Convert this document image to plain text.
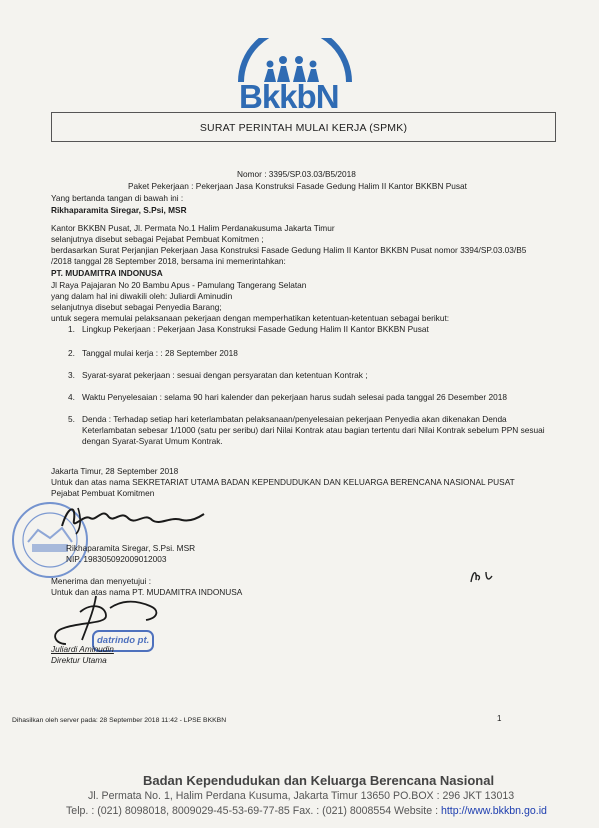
BkkbN
SURAT PERINTAH MULAI KERJA (SPMK)
Nomor : 3395/SP.03.03/B5/2018
Paket Pekerjaan : Pekerjaan Jasa Konstruksi Fasade Gedung Halim II Kantor BKKBN Pusat
Yang bertanda tangan di bawah ini :
Rikhaparamita Siregar, S.Psi, MSR
Kantor BKKBN Pusat, Jl. Permata No.1 Halim Perdanakusuma Jakarta Timur
selanjutnya disebut sebagai Pejabat Pembuat Komitmen ;
berdasarkan Surat Perjanjian Pekerjaan Jasa Konstruksi Fasade Gedung Halim II Kantor BKKBN Pusat nomor 3394/SP.03.03/B5
/2018 tanggal 28 September 2018, bersama ini memerintahkan:
PT. MUDAMITRA INDONUSA
Jl Raya Pajajaran No 20 Bambu Apus - Pamulang Tangerang Selatan
yang dalam hal ini diwakili oleh: Juliardi Aminudin
selanjutnya disebut sebagai Penyedia Barang;
untuk segera memulai pelaksanaan pekerjaan dengan memperhatikan ketentuan-ketentuan sebagai berikut:
1. Lingkup Pekerjaan : Pekerjaan Jasa Konstruksi Fasade Gedung Halim II Kantor BKKBN Pusat
2. Tanggal mulai kerja : : 28 September 2018
3. Syarat-syarat pekerjaan : sesuai dengan persyaratan dan ketentuan Kontrak ;
4. Waktu Penyelesaian : selama 90 hari kalender dan pekerjaan harus sudah selesai pada tanggal 26 Desember 2018
5. Denda : Terhadap setiap hari keterlambatan pelaksanaan/penyelesaian pekerjaan Penyedia akan dikenakan Denda
Keterlambatan sebesar 1/1000 (satu per seribu) dari Nilai Kontrak atau bagian tertentu dari Nilai Kontrak sebelum PPN sesuai
dengan Syarat-Syarat Umum Kontrak.
Jakarta Timur, 28 September 2018
Untuk dan atas nama SEKRETARIAT UTAMA BADAN KEPENDUDUKAN DAN KELUARGA BERENCANA NASIONAL PUSAT
Pejabat Pembuat Komitmen
Rikhaparamita Siregar, S.Psi. MSR
NIP. 198305092009012003
Menerima dan menyetujui :
Untuk dan atas nama PT. MUDAMITRA INDONUSA
datrindo pt.
Juliardi Aminudin
Direktur Utama
Dihasilkan oleh server pada: 28 September 2018 11:42 - LPSE BKKBN	1
Badan Kependudukan dan Keluarga Berencana Nasional
Jl. Permata No. 1, Halim Perdana Kusuma, Jakarta Timur 13650 PO.BOX : 296 JKT 13013
Telp. : (021) 8098018, 8009029-45-53-69-77-85 Fax. : (021) 8008554 Website : http://www.bkkbn.go.id
